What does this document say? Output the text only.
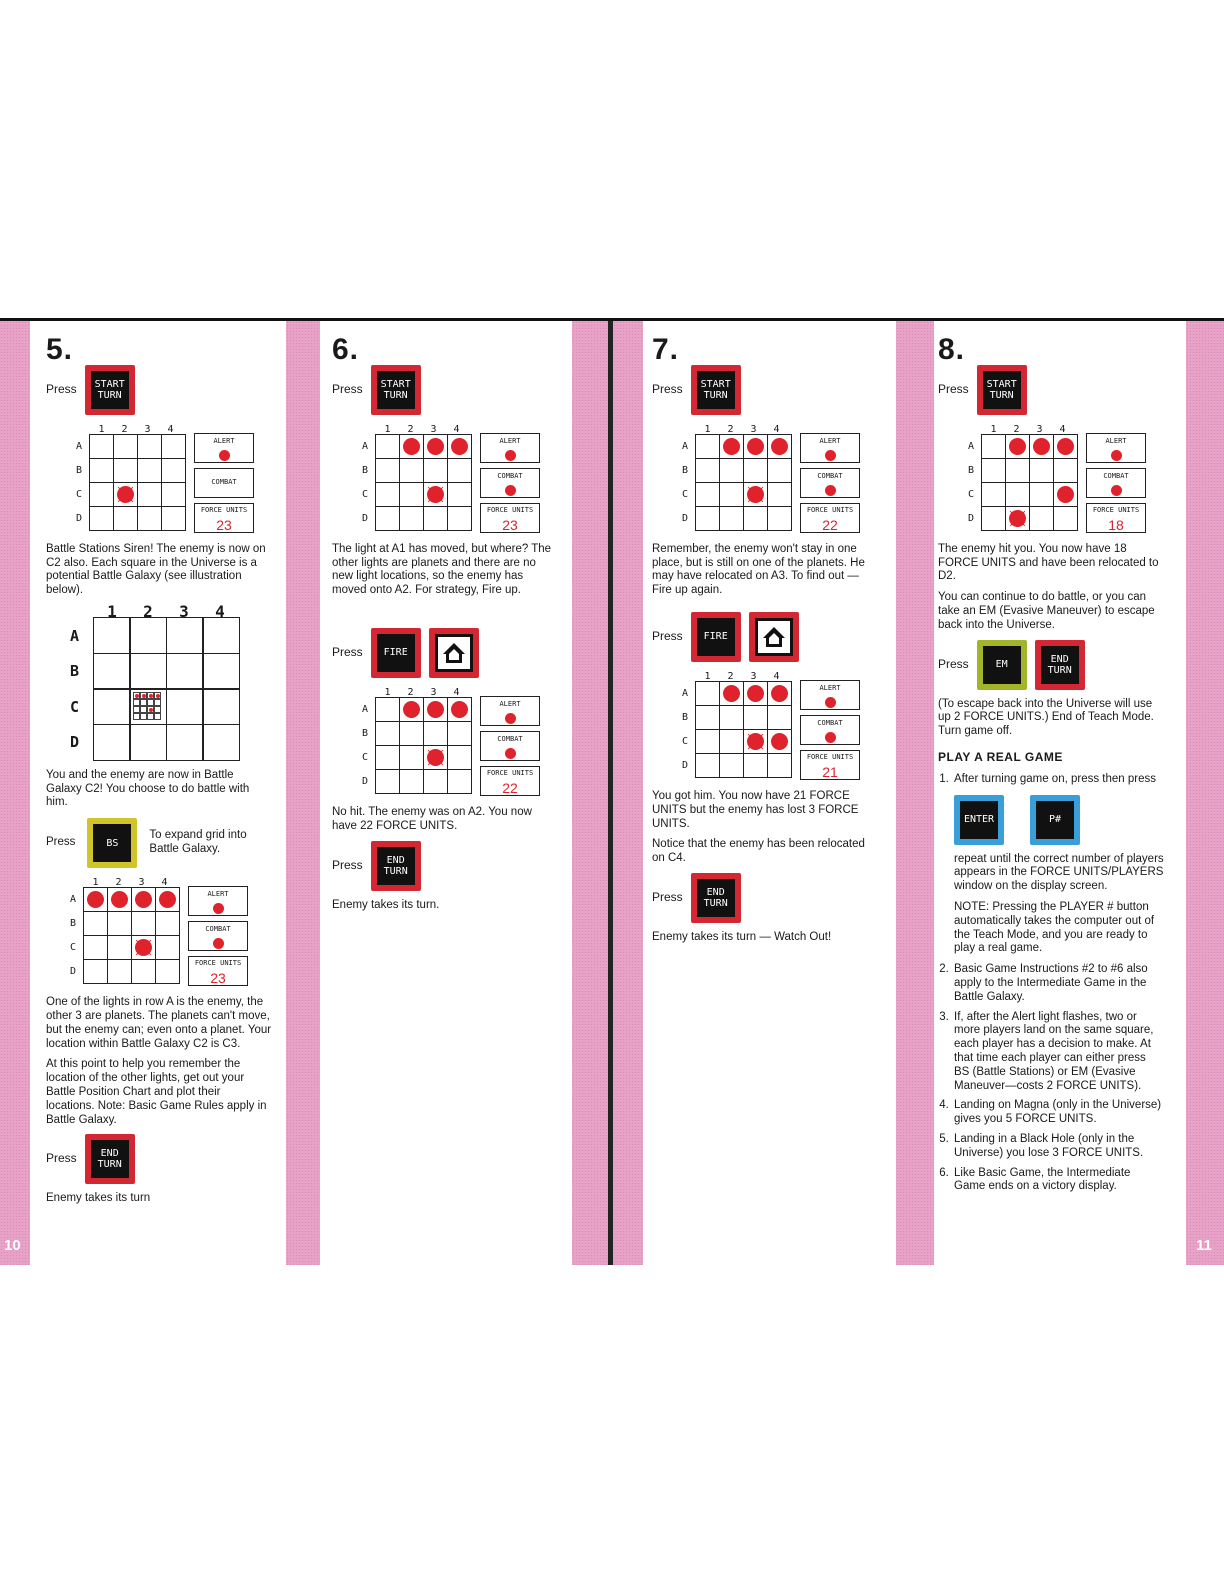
10	11
5.
Press	START
TURN
1	2	3	4
A
B
C
D
ALERT
COMBAT
FORCE UNITS
23

Battle Stations Siren! The enemy is now on C2 also. Each square in the Universe is a potential Battle Galaxy (see illustration below).

1	2	3	4
A
B
C
D

You and the enemy are now in Battle Galaxy C2! You choose to do battle with him.

Press	BS
To expand grid into Battle Galaxy.
1	2	3	4
A
B
C
D
ALERT
COMBAT
FORCE UNITS
23

One of the lights in row A is the enemy, the other 3 are planets. The planets can't move, but the enemy can; even onto a planet. Your location within Battle Galaxy C2 is C3.

At this point to help you remember the location of the other lights, get out your Battle Position Chart and plot their locations. Note: Basic Game Rules apply in Battle Galaxy.

Press	END
TURN

Enemy takes its turn

6.
Press	START
TURN
1	2	3	4
A
B
C
D
ALERT
COMBAT
FORCE UNITS
23

The light at A1 has moved, but where? The other lights are planets and there are no new light locations, so the enemy has moved onto A2. For strategy, Fire up.

Press	FIRE
1	2	3	4
A
B
C
D
ALERT
COMBAT
FORCE UNITS
22

No hit. The enemy was on A2. You now have 22 FORCE UNITS.

Press	END
TURN

Enemy takes its turn.

7.
Press	START
TURN
1	2	3	4
A
B
C
D
ALERT
COMBAT
FORCE UNITS
22

Remember, the enemy won't stay in one place, but is still on one of the planets. He may have relocated on A3. To find out — Fire up again.

Press	FIRE
1	2	3	4
A
B
C
D
ALERT
COMBAT
FORCE UNITS
21

You got him. You now have 21 FORCE UNITS but the enemy has lost 3 FORCE UNITS.

Notice that the enemy has been relocated on C4.

Press	END
TURN

Enemy takes its turn — Watch Out!

8.
Press	START
TURN
1	2	3	4
A
B
C
D
ALERT
COMBAT
FORCE UNITS
18

The enemy hit you. You now have 18 FORCE UNITS and have been relocated to D2.

You can continue to do battle, or you can take an EM (Evasive Maneuver) to escape back into the Universe.

Press	EM	END
TURN

(To escape back into the Universe will use up 2 FORCE UNITS.) End of Teach Mode. Turn game off.

PLAY A REAL GAME
1. After turning game on, press then press
ENTER	P#

repeat until the correct number of players appears in the FORCE UNITS/PLAYERS window on the display screen.

NOTE: Pressing the PLAYER # button automatically takes the computer out of the Teach Mode, and you are ready to play a real game.

2. Basic Game Instructions #2 to #6 also apply to the Intermediate Game in the Battle Galaxy.
3. If, after the Alert light flashes, two or more players land on the same square, each player has a decision to make. At that time each player can either press BS (Battle Stations) or EM (Evasive Maneuver—costs 2 FORCE UNITS).
4. Landing on Magna (only in the Universe) gives you 5 FORCE UNITS.
5. Landing in a Black Hole (only in the Universe) you lose 3 FORCE UNITS.
6. Like Basic Game, the Intermediate Game ends on a victory display.
